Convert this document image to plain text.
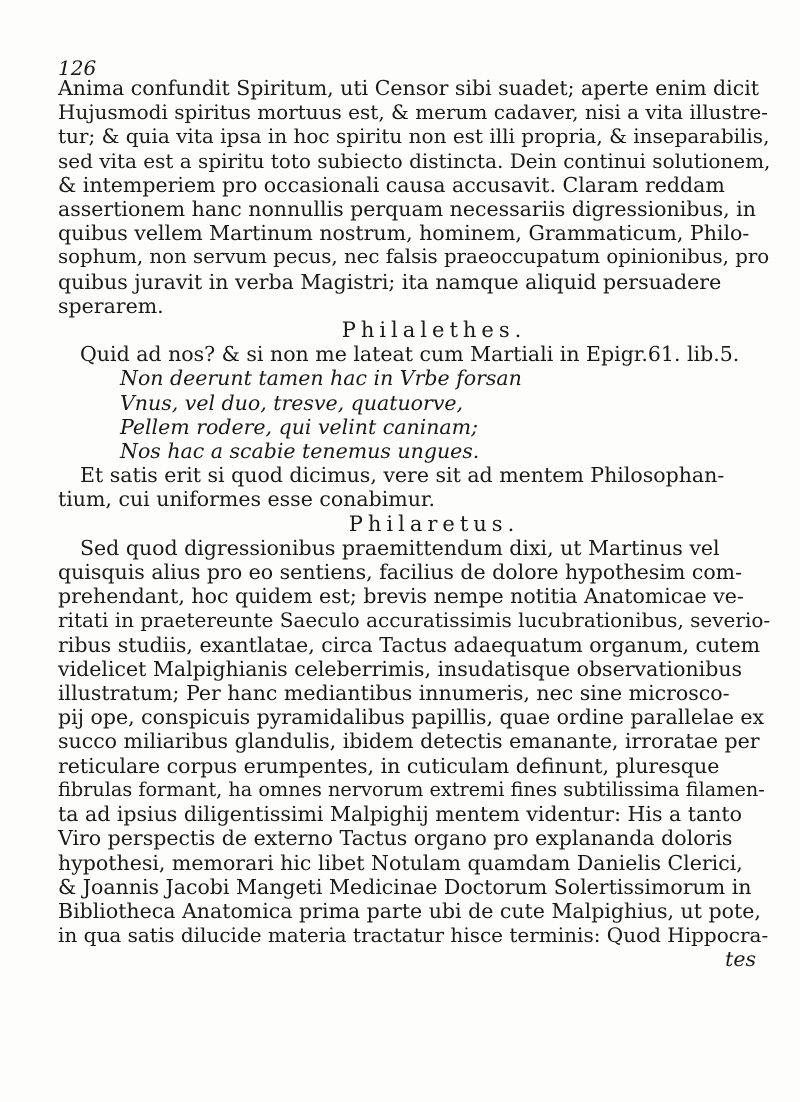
126
Anima confundit Spiritum, uti Censor sibi suadet; aperte enim dicit
Hujusmodi spiritus mortuus est, & merum cadaver, nisi a vita illustre-
tur; & quia vita ipsa in hoc spiritu non est illi propria, & inseparabilis,
sed vita est a spiritu toto subiecto distincta. Dein continui solutionem,
& intemperiem pro occasionali causa accusavit. Claram reddam
assertionem hanc nonnullis perquam necessariis digressionibus, in
quibus vellem Martinum nostrum, hominem, Grammaticum, Philo-
sophum, non servum pecus, nec falsis praeoccupatum opinionibus, pro
quibus juravit in verba Magistri; ita namque aliquid persuadere
sperarem.
Philalethes.
Quid ad nos? & si non me lateat cum Martiali in Epigr.61. lib.5.
Non deerunt tamen hac in Vrbe forsan
Vnus, vel duo, tresve, quatuorve,
Pellem rodere, qui velint caninam;
Nos hac a scabie tenemus ungues.
Et satis erit si quod dicimus, vere sit ad mentem Philosophan-
tium, cui uniformes esse conabimur.
Philaretus.
Sed quod digressionibus praemittendum dixi, ut Martinus vel
quisquis alius pro eo sentiens, facilius de dolore hypothesim com-
prehendant, hoc quidem est; brevis nempe notitia Anatomicae ve-
ritati in praetereunte Saeculo accuratissimis lucubrationibus, severio-
ribus studiis, exantlatae, circa Tactus adaequatum organum, cutem
videlicet Malpighianis celeberrimis, insudatisque observationibus
illustratum; Per hanc mediantibus innumeris, nec sine microsco-
pij ope, conspicuis pyramidalibus papillis, quae ordine parallelae ex
succo miliaribus glandulis, ibidem detectis emanante, irroratae per
reticulare corpus erumpentes, in cuticulam definunt, pluresque
fibrulas formant, ha omnes nervorum extremi fines subtilissima filamen-
ta ad ipsius diligentissimi Malpighij mentem videntur: His a tanto
Viro perspectis de externo Tactus organo pro explananda doloris
hypothesi, memorari hic libet Notulam quamdam Danielis Clerici,
& Joannis Jacobi Mangeti Medicinae Doctorum Solertissimorum in
Bibliotheca Anatomica prima parte ubi de cute Malpighius, ut pote,
in qua satis dilucide materia tractatur hisce terminis: Quod Hippocra-
tes
